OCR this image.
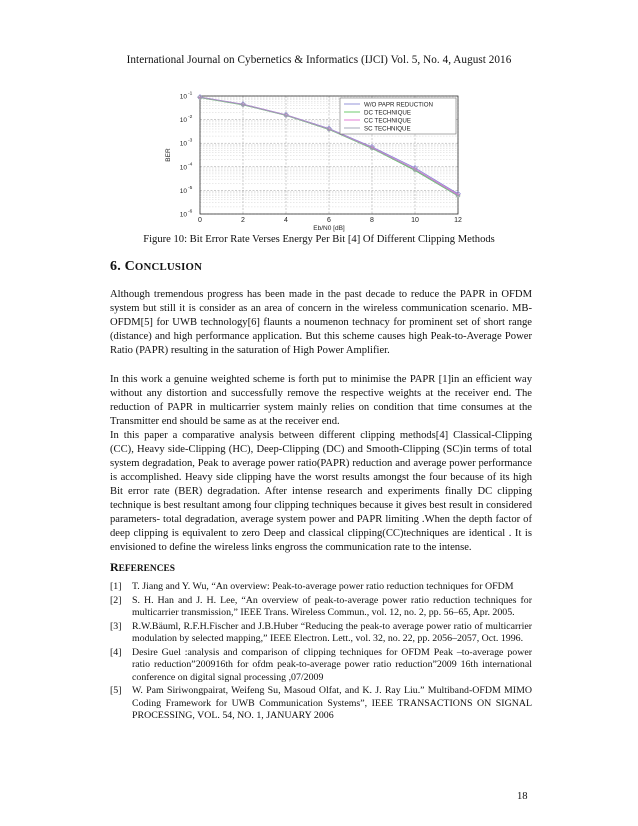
International Journal on Cybernetics & Informatics (IJCI) Vol. 5, No. 4, August 2016
0	2	4	6	8	10	12
10 -1
10 -2
10 -3
10 -4
10 -5
10 -6
Eb/N0 [dB]
BER
W/O PAPR REDUCTION
DC TECHNIQUE
CC TECHNIQUE
SC TECHNIQUE
Figure 10: Bit Error Rate Verses Energy Per Bit [4] Of Different Clipping Methods
6. CONCLUSION

Although tremendous progress has been made in the past decade to reduce the PAPR in OFDM system but still it is consider as an area of concern in the wireless communication scenario. MB-OFDM[5] for UWB technology[6] flaunts a noumenon technacy for prominent set of short range (distance) and high performance application. But this scheme causes high Peak-to-Average Power Ratio (PAPR) resulting in the saturation of High Power Amplifier.

In this work a genuine weighted scheme is forth put to minimise the PAPR [1]in an efficient way without any distortion and successfully remove the respective weights at the receiver end. The reduction of PAPR in multicarrier system mainly relies on condition that time consumes at the Transmitter end should be same as at the receiver end.

In this paper a comparative analysis between different clipping methods[4] Classical-Clipping (CC), Heavy side-Clipping (HC), Deep-Clipping (DC) and Smooth-Clipping (SC)in terms of total system degradation, Peak to average power ratio(PAPR) reduction and average power performance is accomplished. Heavy side clipping have the worst results amongst the four because of its high Bit error rate (BER) degradation. After intense research and experiments finally DC clipping technique is best resultant among four clipping techniques because it gives best result in considered parameters- total degradation, average system power and PAPR limiting .When the depth factor of deep clipping is equivalent to zero Deep and classical clipping(CC)techniques are identical . It is envisioned to define the wireless links engross the communication rate to the intense.

REFERENCES
[1]	T. Jiang and Y. Wu, “An overview: Peak-to-average power ratio reduction techniques for OFDM
[2]	S. H. Han and J. H. Lee, “An overview of peak-to-average power ratio reduction techniques for multicarrier transmission,” IEEE Trans. Wireless Commun., vol. 12, no. 2, pp. 56–65, Apr. 2005.
[3]	R.W.Bäuml, R.F.H.Fischer and J.B.Huber “Reducing the peak-to average power ratio of multicarrier modulation by selected mapping,” IEEE Electron. Lett., vol. 32, no. 22, pp. 2056–2057, Oct. 1996.
[4]	Desire Guel :analysis and comparison of clipping techniques for OFDM Peak –to-average power ratio reduction”200916th for ofdm peak-to-average power ratio reduction”2009 16th international conference on digital signal processing ,07/2009
[5]	W. Pam Siriwongpairat, Weifeng Su, Masoud Olfat, and K. J. Ray Liu.” Multiband-OFDM MIMO Coding Framework for UWB Communication Systems”, IEEE TRANSACTIONS ON SIGNAL PROCESSING, VOL. 54, NO. 1, JANUARY 2006
18
